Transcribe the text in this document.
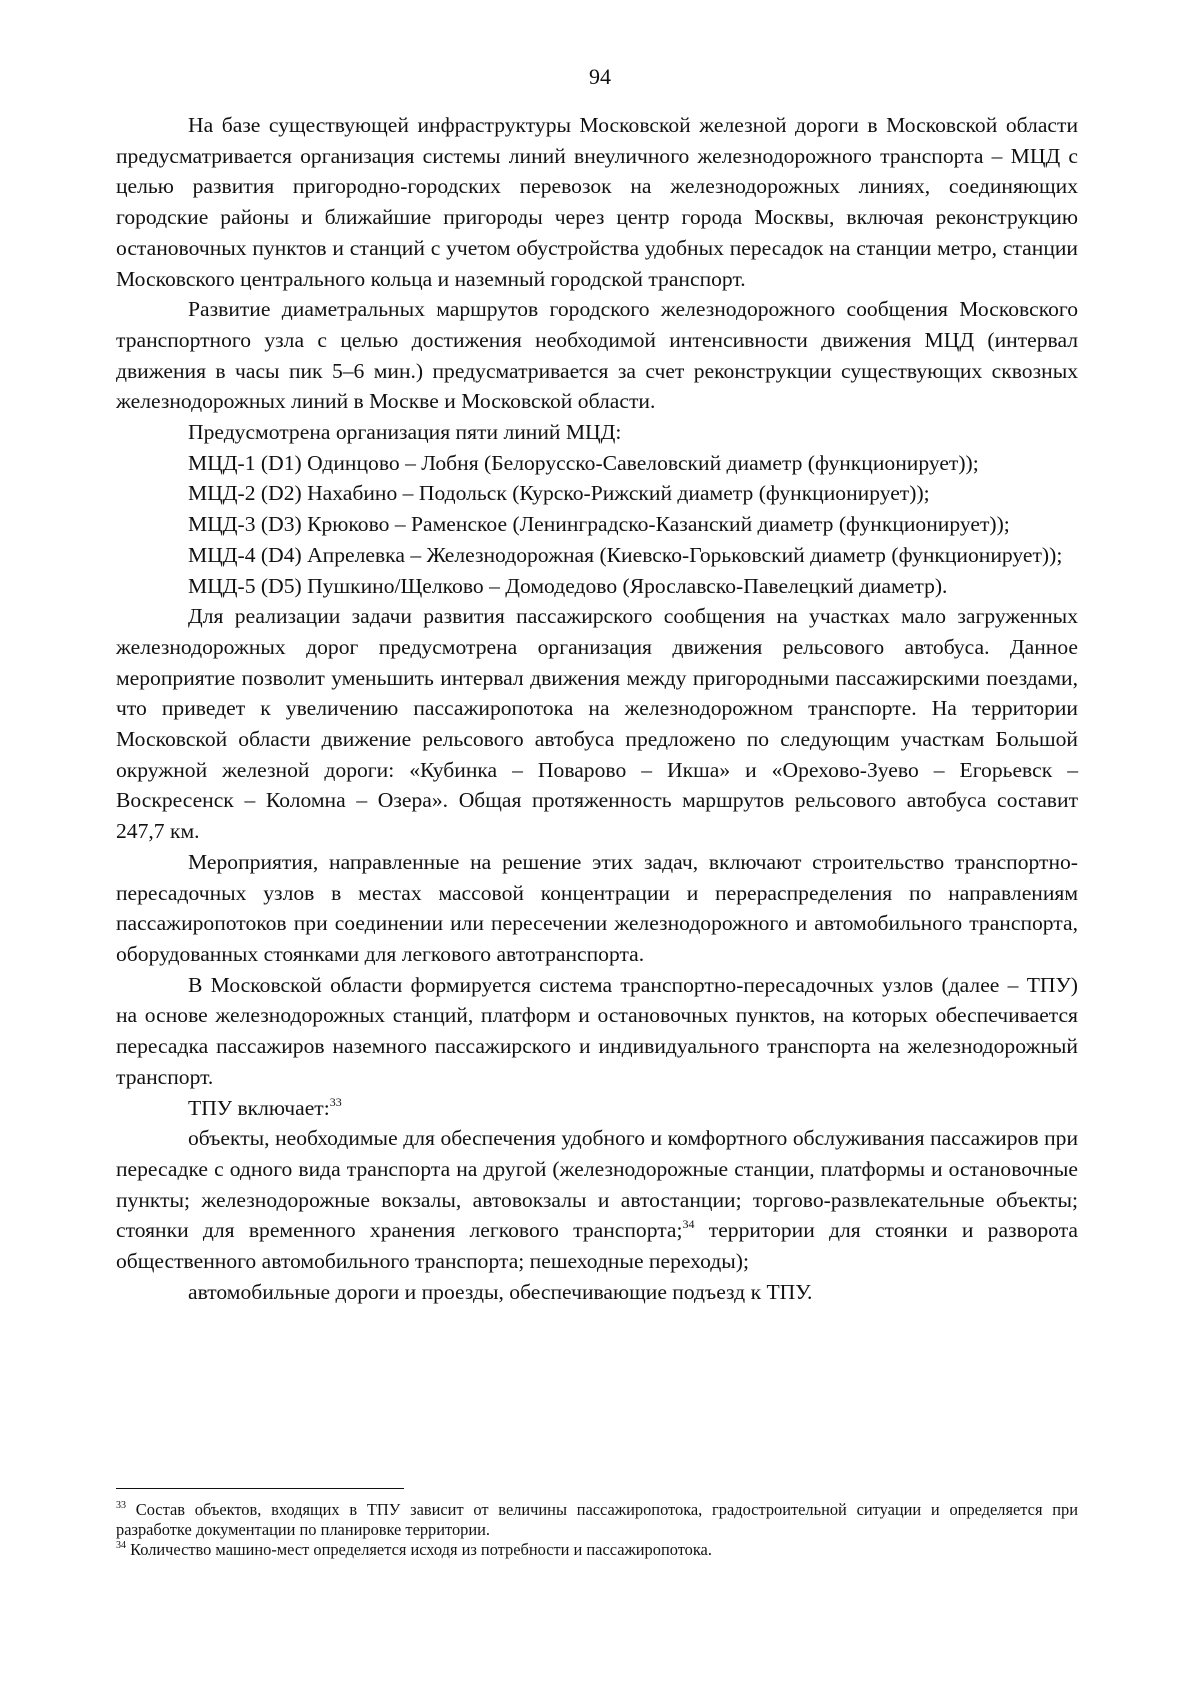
94

На базе существующей инфраструктуры Московской железной дороги в Московской области предусматривается организация системы линий внеуличного железнодорожного транспорта – МЦД с целью развития пригородно-городских перевозок на железнодорожных линиях, соединяющих городские районы и ближайшие пригороды через центр города Москвы, включая реконструкцию остановочных пунктов и станций с учетом обустройства удобных пересадок на станции метро, станции Московского центрального кольца и наземный городской транспорт.

Развитие диаметральных маршрутов городского железнодорожного сообщения Московского транспортного узла с целью достижения необходимой интенсивности движения МЦД (интервал движения в часы пик 5–6 мин.) предусматривается за счет реконструкции существующих сквозных железнодорожных линий в Москве и Московской области.

Предусмотрена организация пяти линий МЦД:

МЦД-1 (D1) Одинцово – Лобня (Белорусско-Савеловский диаметр (функционирует));

МЦД-2 (D2) Нахабино – Подольск (Курско-Рижский диаметр (функционирует));

МЦД-3 (D3) Крюково – Раменское (Ленинградско-Казанский диаметр (функционирует));

МЦД-4 (D4) Апрелевка – Железнодорожная (Киевско-Горьковский диаметр (функционирует));

МЦД-5 (D5) Пушкино/Щелково – Домодедово (Ярославско-Павелецкий диаметр).

Для реализации задачи развития пассажирского сообщения на участках мало загруженных железнодорожных дорог предусмотрена организация движения рельсового автобуса. Данное мероприятие позволит уменьшить интервал движения между пригородными пассажирскими поездами, что приведет к увеличению пассажиропотока на железнодорожном транспорте. На территории Московской области движение рельсового автобуса предложено по следующим участкам Большой окружной железной дороги: «Кубинка – Поварово – Икша» и «Орехово-Зуево – Егорьевск – Воскресенск – Коломна – Озера». Общая протяженность маршрутов рельсового автобуса составит 247,7 км.

Мероприятия, направленные на решение этих задач, включают строительство транспортно-пересадочных узлов в местах массовой концентрации и перераспределения по направлениям пассажиропотоков при соединении или пересечении железнодорожного и автомобильного транспорта, оборудованных стоянками для легкового автотранспорта.

В Московской области формируется система транспортно-пересадочных узлов (далее – ТПУ) на основе железнодорожных станций, платформ и остановочных пунктов, на которых обеспечивается пересадка пассажиров наземного пассажирского и индивидуального транспорта на железнодорожный транспорт.

ТПУ включает:$^{33}$

объекты, необходимые для обеспечения удобного и комфортного обслуживания пассажиров при пересадке с одного вида транспорта на другой (железнодорожные станции, платформы и остановочные пункты; железнодорожные вокзалы, автовокзалы и автостанции; торгово-развлекательные объекты; стоянки для временного хранения легкового транспорта;$^{34}$ территории для стоянки и разворота общественного автомобильного транспорта; пешеходные переходы);

автомобильные дороги и проезды, обеспечивающие подъезд к ТПУ.

$^{33}$ Состав объектов, входящих в ТПУ зависит от величины пассажиропотока, градостроительной ситуации и определяется при разработке документации по планировке территории.

$^{34}$ Количество машино-мест определяется исходя из потребности и пассажиропотока.
